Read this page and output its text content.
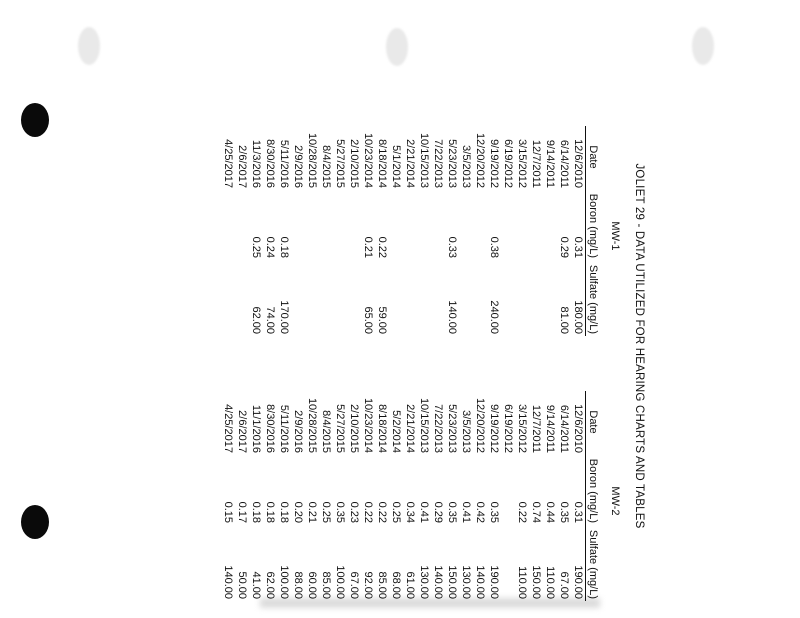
JOLIET 29 - DATA UTILIZED FOR HEARING CHARTS AND TABLES
MW-1
MW-2
Date
Boron (mg/L)
Sulfate (mg/L)
12/6/2010
0.31
180.00
6/14/2011
0.29
81.00
9/14/2011
12/7/2011
3/15/2012
6/19/2012
9/19/2012
0.38
240.00
12/20/2012
3/5/2013
5/23/2013
0.33
140.00
7/22/2013
10/15/2013
2/21/2014
5/1/2014
8/18/2014
0.22
59.00
10/23/2014
0.21
65.00
2/10/2015
5/27/2015
8/4/2015
10/28/2015
2/9/2016
5/11/2016
0.18
170.00
8/30/2016
0.24
74.00
11/3/2016
0.25
62.00
2/6/2017
4/25/2017
Date
Boron (mg/L)
Sulfate (mg/L)
12/6/2010
0.31
190.00
6/14/2011
0.35
67.00
9/14/2011
0.44
110.00
12/7/2011
0.74
150.00
3/15/2012
0.22
110.00
6/19/2012
9/19/2012
0.35
190.00
12/20/2012
0.42
140.00
3/5/2013
0.41
130.00
5/23/2013
0.35
150.00
7/22/2013
0.29
140.00
10/15/2013
0.41
130.00
2/21/2014
0.34
61.00
5/2/2014
0.25
68.00
8/18/2014
0.22
85.00
10/23/2014
0.22
92.00
2/10/2015
0.23
67.00
5/27/2015
0.35
100.00
8/4/2015
0.25
85.00
10/28/2015
0.21
60.00
2/9/2016
0.20
88.00
5/11/2016
0.18
100.00
8/30/2016
0.18
62.00
11/1/2016
0.18
41.00
2/6/2017
0.17
50.00
4/25/2017
0.15
140.00
